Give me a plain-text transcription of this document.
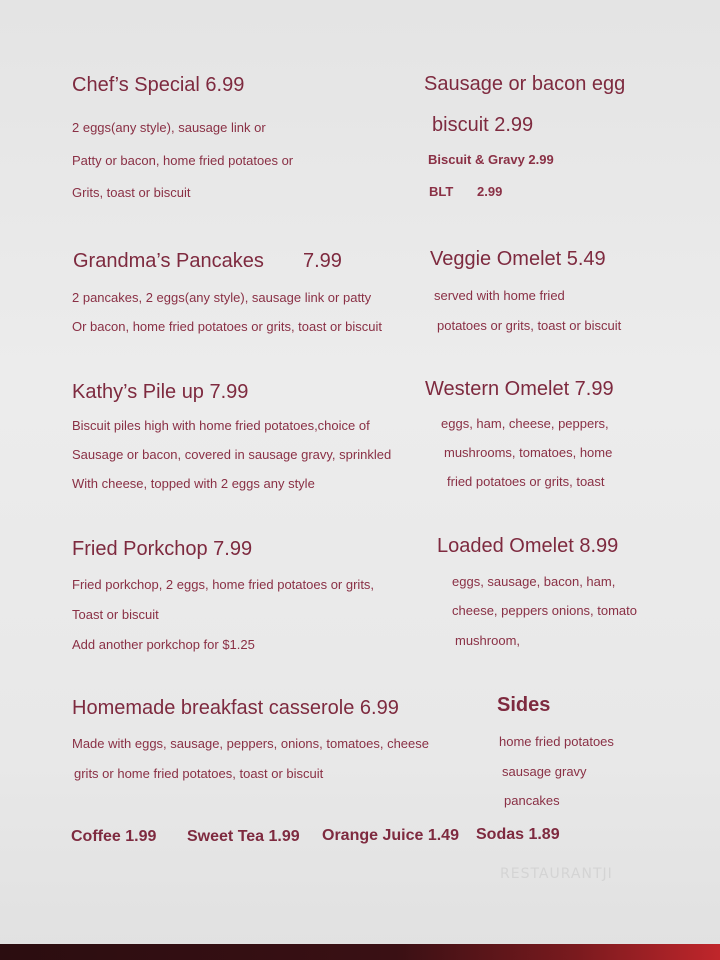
Chef’s Special 6.99
2 eggs(any style), sausage link or
Patty or bacon, home fried potatoes or
Grits, toast or biscuit
Sausage or bacon egg
biscuit 2.99
Biscuit & Gravy 2.99
BLT 2.99
Grandma’s Pancakes 7.99
2 pancakes, 2 eggs(any style), sausage link or patty
Or bacon, home fried potatoes or grits, toast or biscuit
Veggie Omelet 5.49
served with home fried
potatoes or grits, toast or biscuit
Kathy’s Pile up 7.99
Biscuit piles high with home fried potatoes,choice of
Sausage or bacon, covered in sausage gravy, sprinkled
With cheese, topped with 2 eggs any style
Western Omelet 7.99
eggs, ham, cheese, peppers,
mushrooms, tomatoes, home
fried potatoes or grits, toast
Fried Porkchop 7.99
Fried porkchop, 2 eggs, home fried potatoes or grits,
Toast or biscuit
Add another porkchop for $1.25
Loaded Omelet 8.99
eggs, sausage, bacon, ham,
cheese, peppers onions, tomato
mushroom,
Homemade breakfast casserole 6.99
Made with eggs, sausage, peppers, onions, tomatoes, cheese
grits or home fried potatoes, toast or biscuit
Sides
home fried potatoes
sausage gravy
pancakes
Coffee 1.99 Sweet Tea 1.99 Orange Juice 1.49 Sodas 1.89
RESTAURANTJI
